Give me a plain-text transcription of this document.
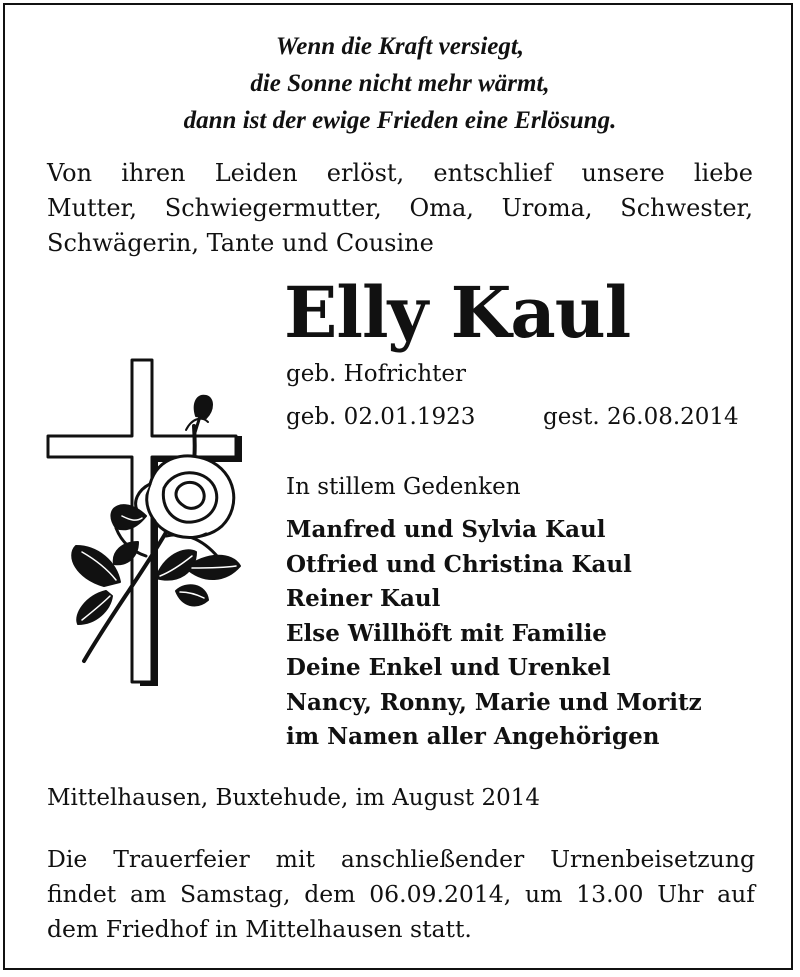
Wenn die Kraft versiegt,
die Sonne nicht mehr wärmt,
dann ist der ewige Frieden eine Erlösung.
Von ihren Leiden erlöst, entschlief unsere liebe
Mutter, Schwiegermutter, Oma, Uroma, Schwester,
Schwägerin, Tante und Cousine
Elly Kaul
geb. Hofrichter
geb. 02.01.1923	gest. 26.08.2014
In stillem Gedenken
Manfred und Sylvia Kaul
Otfried und Christina Kaul
Reiner Kaul
Else Willhöft mit Familie
Deine Enkel und Urenkel
Nancy, Ronny, Marie und Moritz
im Namen aller Angehörigen
Mittelhausen, Buxtehude, im August 2014
Die Trauerfeier mit anschließender Urnenbeisetzung
findet am Samstag, dem 06.09.2014, um 13.00 Uhr auf
dem Friedhof in Mittelhausen statt.
